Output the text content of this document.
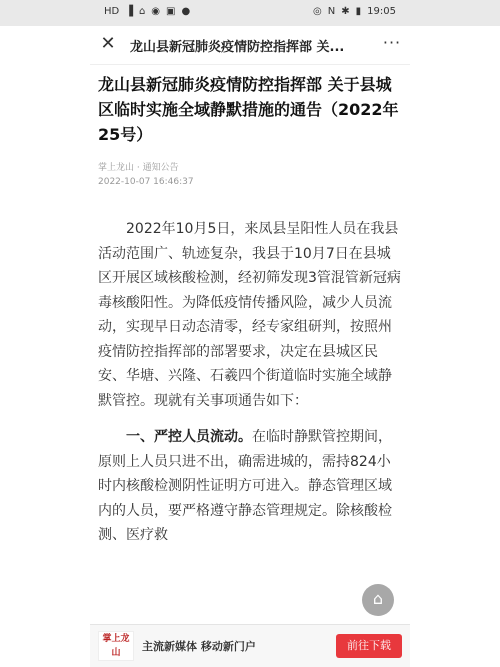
HD ▐ ⌂ ◉ ▣ ●	◎ N ✱ ▮ 19:05
✕ 龙山县新冠肺炎疫情防控指挥部 关...	···
龙山县新冠肺炎疫情防控指挥部 关于县城区临时实施全域静默措施的通告（2022年25号）
掌上龙山 · 通知公告
2022-10-07 16:46:37
2022年10月5日，来凤县呈阳性人员在我县活动范围广、轨迹复杂，我县于10月7日在县城区开展区域核酸检测，经初筛发现3管混管新冠病毒核酸阳性。为降低疫情传播风险，减少人员流动，实现早日动态清零，经专家组研判，按照州疫情防控指挥部的部署要求，决定在县城区民安、华塘、兴隆、石羲四个街道临时实施全域静默管控。现就有关事项通告如下：
一、严控人员流动。在临时静默管控期间，原则上人员只进不出，确需进城的，需持824小时内核酸检测阴性证明方可进入。静态管理区域内的人员，要严格遵守静态管理规定。除核酸检测、医疗救
⌂
掌上龙山	主流新媒体 移动新门户	前往下载
